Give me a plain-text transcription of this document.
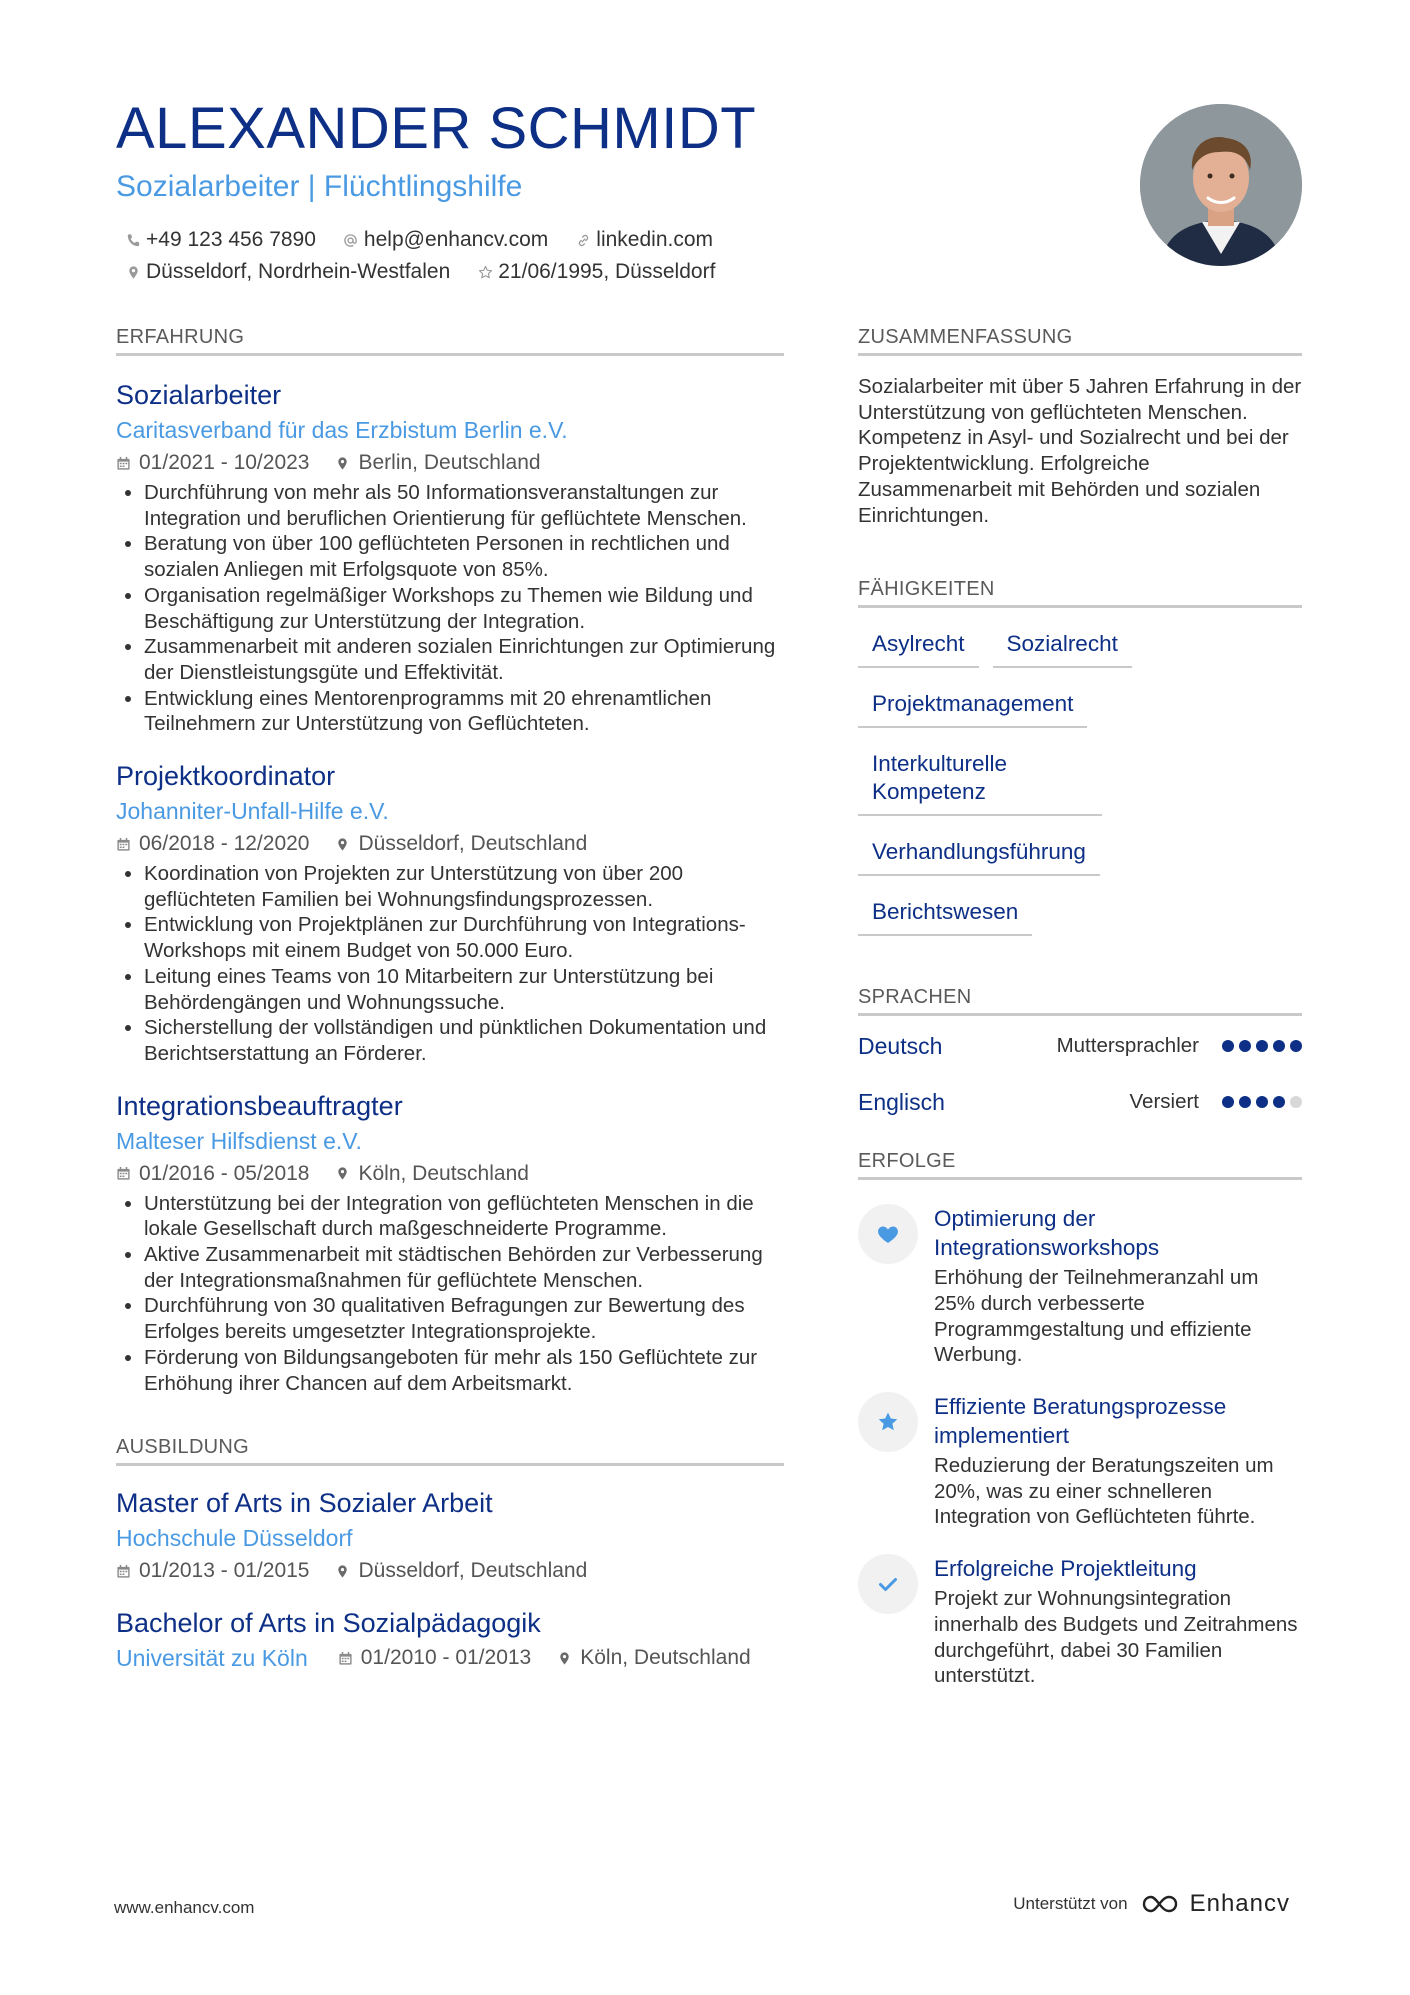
ALEXANDER SCHMIDT
Sozialarbeiter | Flüchtlingshilfe
+49 123 456 7890 help@enhancv.com linkedin.com
Düsseldorf, Nordrhein-Westfalen 21/06/1995, Düsseldorf
ERFAHRUNG
Sozialarbeiter
Caritasverband für das Erzbistum Berlin e.V.
01/2021 - 10/2023 Berlin, Deutschland
• Durchführung von mehr als 50 Informationsveranstaltungen zur Integration und beruflichen Orientierung für geflüchtete Menschen.
• Beratung von über 100 geflüchteten Personen in rechtlichen und sozialen Anliegen mit Erfolgsquote von 85%.
• Organisation regelmäßiger Workshops zu Themen wie Bildung und Beschäftigung zur Unterstützung der Integration.
• Zusammenarbeit mit anderen sozialen Einrichtungen zur Optimierung der Dienstleistungsgüte und Effektivität.
• Entwicklung eines Mentorenprogramms mit 20 ehrenamtlichen Teilnehmern zur Unterstützung von Geflüchteten.
Projektkoordinator
Johanniter-Unfall-Hilfe e.V.
06/2018 - 12/2020 Düsseldorf, Deutschland
• Koordination von Projekten zur Unterstützung von über 200 geflüchteten Familien bei Wohnungsfindungsprozessen.
• Entwicklung von Projektplänen zur Durchführung von Integrations-Workshops mit einem Budget von 50.000 Euro.
• Leitung eines Teams von 10 Mitarbeitern zur Unterstützung bei Behördengängen und Wohnungssuche.
• Sicherstellung der vollständigen und pünktlichen Dokumentation und Berichtserstattung an Förderer.
Integrationsbeauftragter
Malteser Hilfsdienst e.V.
01/2016 - 05/2018 Köln, Deutschland
• Unterstützung bei der Integration von geflüchteten Menschen in die lokale Gesellschaft durch maßgeschneiderte Programme.
• Aktive Zusammenarbeit mit städtischen Behörden zur Verbesserung der Integrationsmaßnahmen für geflüchtete Menschen.
• Durchführung von 30 qualitativen Befragungen zur Bewertung des Erfolges bereits umgesetzter Integrationsprojekte.
• Förderung von Bildungsangeboten für mehr als 150 Geflüchtete zur Erhöhung ihrer Chancen auf dem Arbeitsmarkt.
AUSBILDUNG
Master of Arts in Sozialer Arbeit
Hochschule Düsseldorf
01/2013 - 01/2015 Düsseldorf, Deutschland
Bachelor of Arts in Sozialpädagogik
Universität zu Köln	01/2010 - 01/2013 Köln, Deutschland
ZUSAMMENFASSUNG
Sozialarbeiter mit über 5 Jahren Erfahrung in der Unterstützung von geflüchteten Menschen. Kompetenz in Asyl- und Sozialrecht und bei der Projektentwicklung. Erfolgreiche Zusammenarbeit mit Behörden und sozialen Einrichtungen.
FÄHIGKEITEN
Asylrecht	Sozialrecht
Projektmanagement
Interkulturelle Kompetenz
Verhandlungsführung
Berichtswesen
SPRACHEN
Deutsch	Muttersprachler
Englisch	Versiert
ERFOLGE
Optimierung der Integrationsworkshops
Erhöhung der Teilnehmeranzahl um 25% durch verbesserte Programmgestaltung und effiziente Werbung.
Effiziente Beratungsprozesse implementiert
Reduzierung der Beratungszeiten um 20%, was zu einer schnelleren Integration von Geflüchteten führte.
Erfolgreiche Projektleitung
Projekt zur Wohnungsintegration innerhalb des Budgets und Zeitrahmens durchgeführt, dabei 30 Familien unterstützt.
www.enhancv.com	Unterstützt von	Enhancv
